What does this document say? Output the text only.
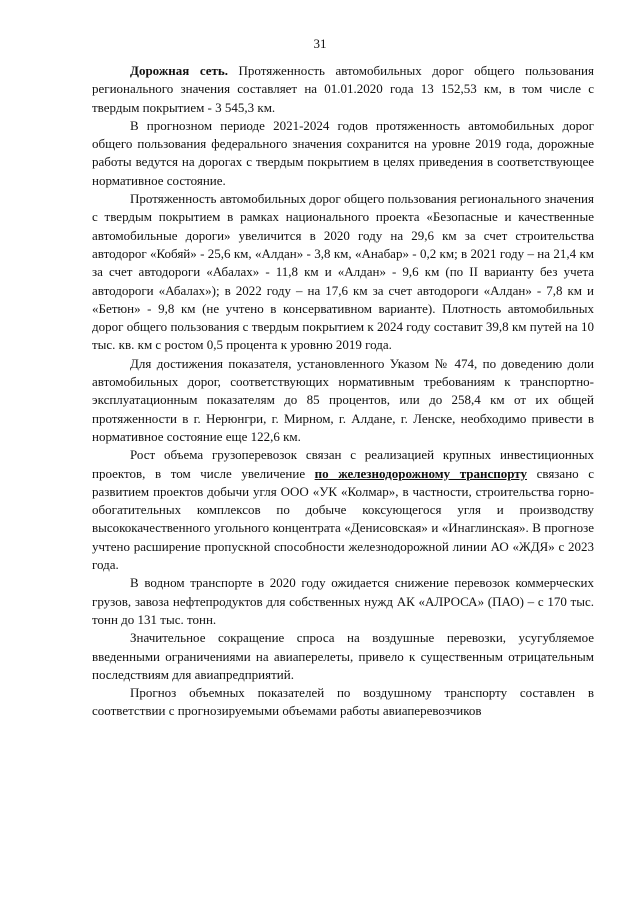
31

Дорожная сеть. Протяженность автомобильных дорог общего пользования регионального значения составляет на 01.01.2020 года 13 152,53 км, в том числе с твердым покрытием - 3 545,3 км.

В прогнозном периоде 2021-2024 годов протяженность автомобильных дорог общего пользования федерального значения сохранится на уровне 2019 года, дорожные работы ведутся на дорогах с твердым покрытием в целях приведения в соответствующее нормативное состояние.

Протяженность автомобильных дорог общего пользования регионального значения с твердым покрытием в рамках национального проекта «Безопасные и качественные автомобильные дороги» увеличится в 2020 году на 29,6 км за счет строительства автодорог «Кобяй» - 25,6 км, «Алдан» - 3,8 км, «Анабар» - 0,2 км; в 2021 году – на 21,4 км за счет автодороги «Абалах» - 11,8 км и «Алдан» - 9,6 км (по II варианту без учета автодороги «Абалах»); в 2022 году – на 17,6 км за счет автодороги «Алдан» - 7,8 км и «Бетюн» - 9,8 км (не учтено в консервативном варианте). Плотность автомобильных дорог общего пользования с твердым покрытием к 2024 году составит 39,8 км путей на 10 тыс. кв. км с ростом 0,5 процента к уровню 2019 года.

Для достижения показателя, установленного Указом № 474, по доведению доли автомобильных дорог, соответствующих нормативным требованиям к транспортно-эксплуатационным показателям до 85 процентов, или до 258,4 км от их общей протяженности в г. Нерюнгри, г. Мирном, г. Алдане, г. Ленске, необходимо привести в нормативное состояние еще 122,6 км.

Рост объема грузоперевозок связан с реализацией крупных инвестиционных проектов, в том числе увеличение по железнодорожному транспорту связано с развитием проектов добычи угля ООО «УК «Колмар», в частности, строительства горно-обогатительных комплексов по добыче коксующегося угля и производству высококачественного угольного концентрата «Денисовская» и «Инаглинская». В прогнозе учтено расширение пропускной способности железнодорожной линии АО «ЖДЯ» с 2023 года.

В водном транспорте в 2020 году ожидается снижение перевозок коммерческих грузов, завоза нефтепродуктов для собственных нужд АК «АЛРОСА» (ПАО) – с 170 тыс. тонн до 131 тыс. тонн.

Значительное сокращение спроса на воздушные перевозки, усугубляемое введенными ограничениями на авиаперелеты, привело к существенным отрицательным последствиям для авиапредприятий.

Прогноз объемных показателей по воздушному транспорту составлен в соответствии с прогнозируемыми объемами работы авиаперевозчиков
